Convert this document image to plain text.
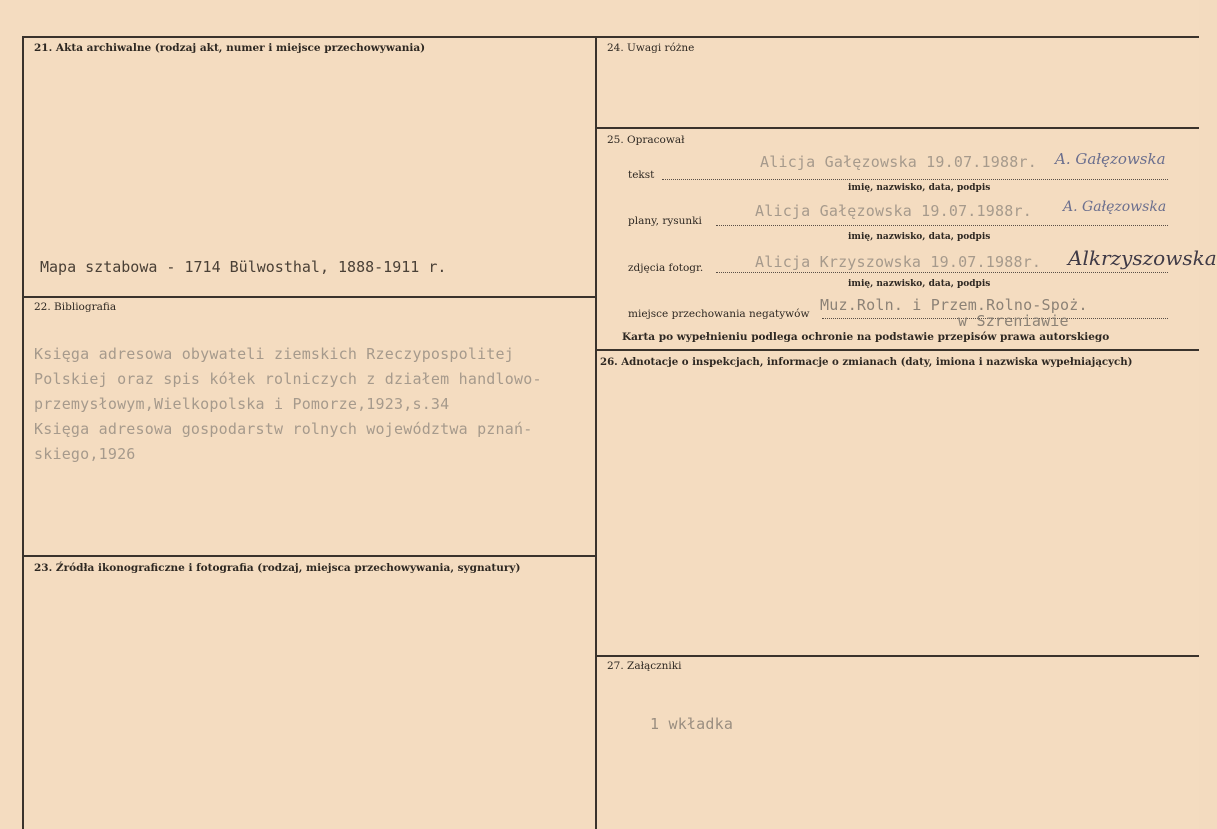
21. Akta archiwalne (rodzaj akt, numer i miejsce przechowywania)
Mapa sztabowa - 1714 Bülwosthal, 1888-1911 r.
22. Bibliografia
Księga adresowa obywateli ziemskich Rzeczypospolitej
Polskiej oraz spis kółek rolniczych z działem handlowo-
przemysłowym,Wielkopolska i Pomorze,1923,s.34
Księga adresowa gospodarstw rolnych województwa pznań-
skiego,1926
23. Źródła ikonograficzne i fotografia (rodzaj, miejsca przechowywania, sygnatury)
24. Uwagi różne
25. Opracował
tekst
Alicja Gałęzowska 19.07.1988r. A. Gałęzowska
imię, nazwisko, data, podpis
plany, rysunki
Alicja Gałęzowska 19.07.1988r. A. Gałęzowska
imię, nazwisko, data, podpis
zdjęcia fotogr.	Alicja Krzyszowska 19.07.1988r. Alkrzyszowska
imię, nazwisko, data, podpis
miejsce przechowania negatywów Muz.Roln. i Przem.Rolno-Spoż.
w Szreniawie
Karta po wypełnieniu podlega ochronie na podstawie przepisów prawa autorskiego
26. Adnotacje o inspekcjach, informacje o zmianach (daty, imiona i nazwiska wypełniających)
27. Załączniki
1 wkładka
